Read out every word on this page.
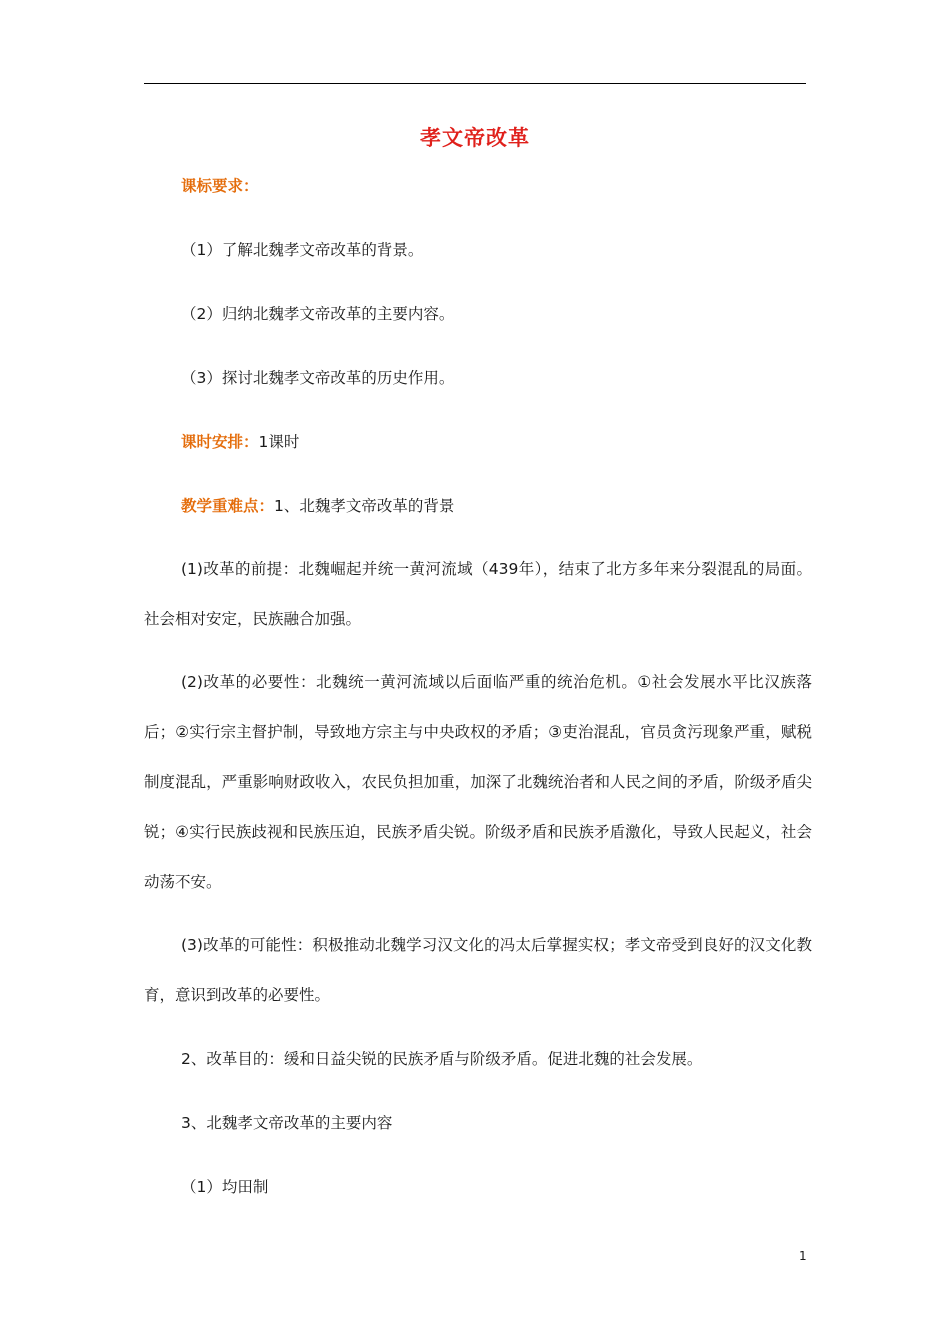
孝文帝改革
课标要求：
（1）了解北魏孝文帝改革的背景。
（2）归纳北魏孝文帝改革的主要内容。
（3）探讨北魏孝文帝改革的历史作用。
课时安排：1课时
教学重难点：1、北魏孝文帝改革的背景
(1)改革的前提：北魏崛起并统一黄河流域（439年），结束了北方多年来分裂混乱的局面。社会相对安定，民族融合加强。
(2)改革的必要性：北魏统一黄河流域以后面临严重的统治危机。①社会发展水平比汉族落后；②实行宗主督护制，导致地方宗主与中央政权的矛盾；③吏治混乱，官员贪污现象严重，赋税制度混乱，严重影响财政收入，农民负担加重，加深了北魏统治者和人民之间的矛盾，阶级矛盾尖锐；④实行民族歧视和民族压迫，民族矛盾尖锐。阶级矛盾和民族矛盾激化，导致人民起义，社会动荡不安。
(3)改革的可能性：积极推动北魏学习汉文化的冯太后掌握实权；孝文帝受到良好的汉文化教育，意识到改革的必要性。
2、改革目的：缓和日益尖锐的民族矛盾与阶级矛盾。促进北魏的社会发展。
3、北魏孝文帝改革的主要内容
（1）均田制
1
